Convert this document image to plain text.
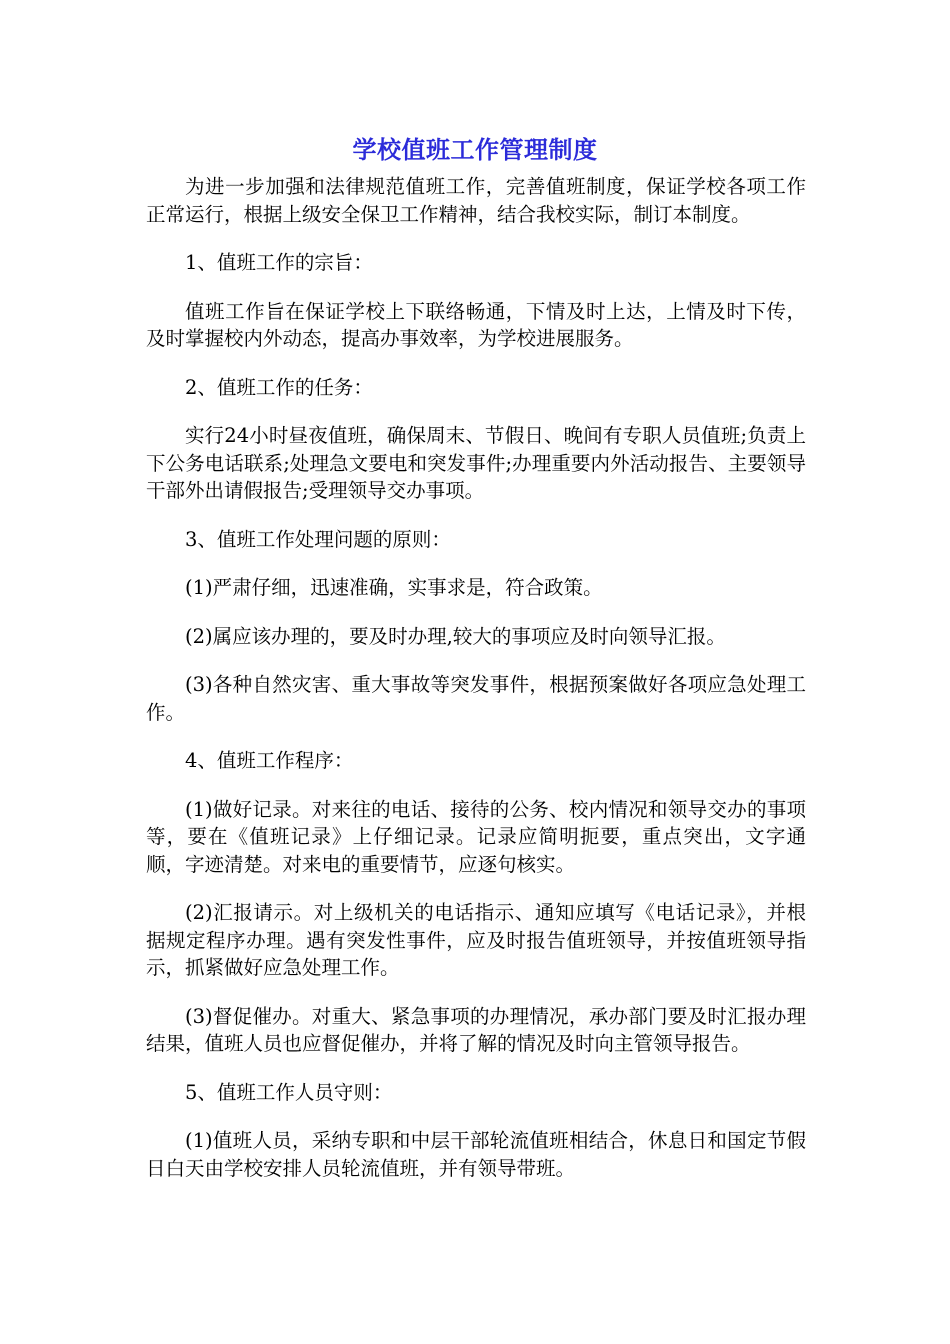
学校值班工作管理制度

为进一步加强和法律规范值班工作，完善值班制度，保证学校各项工作正常运行，根据上级安全保卫工作精神，结合我校实际，制订本制度。

1、值班工作的宗旨：

值班工作旨在保证学校上下联络畅通，下情及时上达，上情及时下传，及时掌握校内外动态，提高办事效率，为学校进展服务。

2、值班工作的任务：

实行24小时昼夜值班，确保周末、节假日、晚间有专职人员值班;负责上下公务电话联系;处理急文要电和突发事件;办理重要内外活动报告、主要领导干部外出请假报告;受理领导交办事项。

3、值班工作处理问题的原则：

(1)严肃仔细，迅速准确，实事求是，符合政策。

(2)属应该办理的，要及时办理,较大的事项应及时向领导汇报。

(3)各种自然灾害、重大事故等突发事件，根据预案做好各项应急处理工作。

4、值班工作程序：

(1)做好记录。对来往的电话、接待的公务、校内情况和领导交办的事项等，要在《值班记录》上仔细记录。记录应简明扼要，重点突出，文字通顺，字迹清楚。对来电的重要情节，应逐句核实。

(2)汇报请示。对上级机关的电话指示、通知应填写《电话记录》，并根据规定程序办理。遇有突发性事件，应及时报告值班领导，并按值班领导指示，抓紧做好应急处理工作。

(3)督促催办。对重大、紧急事项的办理情况，承办部门要及时汇报办理结果，值班人员也应督促催办，并将了解的情况及时向主管领导报告。

5、值班工作人员守则：

(1)值班人员，采纳专职和中层干部轮流值班相结合，休息日和国定节假日白天由学校安排人员轮流值班，并有领导带班。
